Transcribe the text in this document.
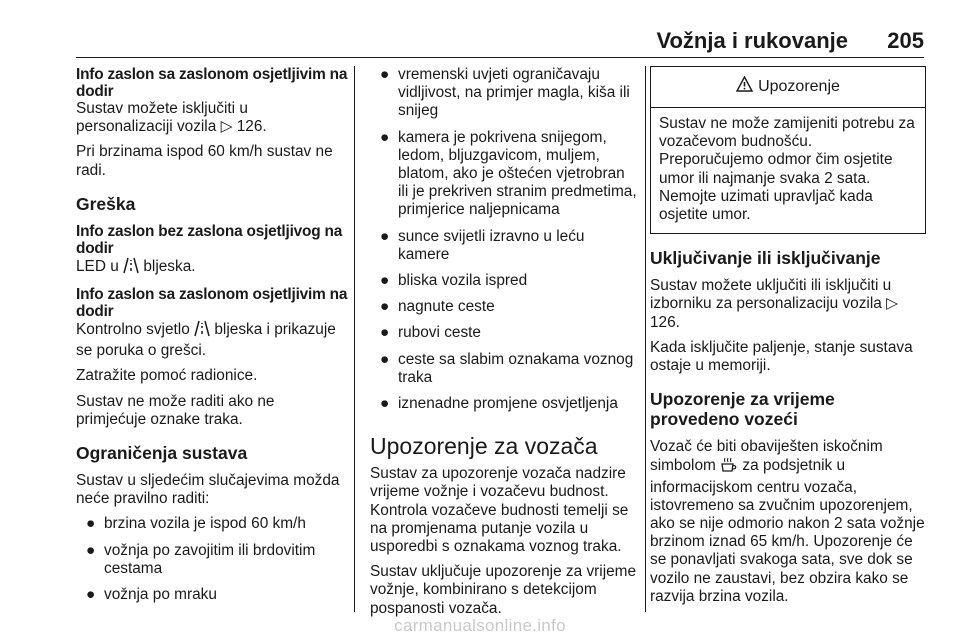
Vožnja i rukovanje 205

Info zaslon sa zaslonom osjetljivim na dodir

Sustav možete isključiti u personalizaciji vozila ▷ 126.

Pri brzinama ispod 60 km/h sustav ne radi.

Greška

Info zaslon bez zaslona osjetljivog na dodir

LED u bljeska.

Info zaslon sa zaslonom osjetljivim na dodir

Kontrolno svjetlo bljeska i prikazuje se poruka o grešci.

Zatražite pomoć radionice.

Sustav ne može raditi ako ne primjećuje oznake traka.

Ograničenja sustava

Sustav u sljedećim slučajevima možda neće pravilno raditi:

● brzina vozila je ispod 60 km/h
● vožnja po zavojitim ili brdovitim cestama
● vožnja po mraku
● vremenski uvjeti ograničavaju vidljivost, na primjer magla, kiša ili snijeg
● kamera je pokrivena snijegom, ledom, bljuzgavicom, muljem, blatom, ako je oštećen vjetrobran ili je prekriven stranim predmetima, primjerice naljepnicama
● sunce svijetli izravno u leću kamere
● bliska vozila ispred
● nagnute ceste
● rubovi ceste
● ceste sa slabim oznakama voznog traka
● iznenadne promjene osvjetljenja
Upozorenje za vozača

Sustav za upozorenje vozača nadzire vrijeme vožnje i vozačevu budnost. Kontrola vozačeve budnosti temelji se na promjenama putanje vozila u usporedbi s oznakama voznog traka.

Sustav uključuje upozorenje za vrijeme vožnje, kombinirano s detekcijom pospanosti vozača.

Upozorenje

Sustav ne može zamijeniti potrebu za vozačevom budnošću. Preporučujemo odmor čim osjetite umor ili najmanje svaka 2 sata. Nemojte uzimati upravljač kada osjetite umor.

Uključivanje ili isključivanje

Sustav možete uključiti ili isključiti u izborniku za personalizaciju vozila ▷ 126.

Kada isključite paljenje, stanje sustava ostaje u memoriji.

Upozorenje za vrijeme provedeno vozeći

Vozač će biti obaviješten iskočnim simbolom za podsjetnik u informacijskom centru vozača, istovremeno sa zvučnim upozorenjem, ako se nije odmorio nakon 2 sata vožnje brzinom iznad 65 km/h. Upozorenje će se ponavljati svakoga sata, sve dok se vozilo ne zaustavi, bez obzira kako se razvija brzina vozila.

carmanualsonline.info
